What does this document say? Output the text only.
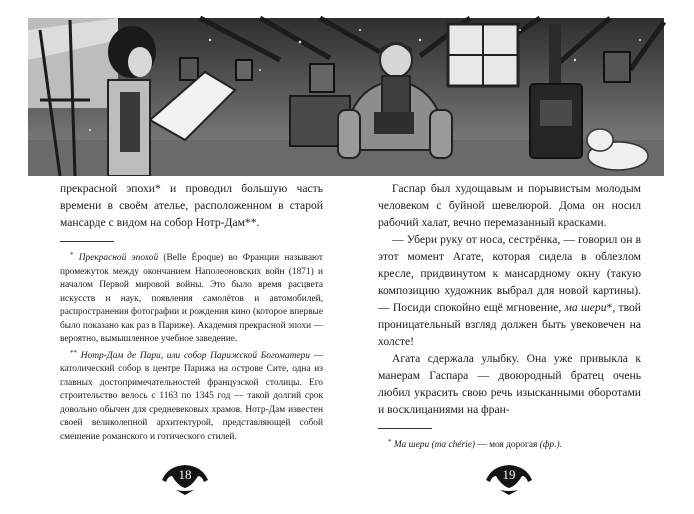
прекрасной эпохи* и проводил большую часть времени в своём ателье, расположенном в старой мансарде с видом на собор Нотр-Дам**.

* Прекрасной эпохой (Belle Époque) во Франции называют промежуток между окончанием Наполеоновских войн (1871) и началом Первой мировой войны. Это было время расцвета искусств и наук, появления самолётов и автомобилей, распространения фотографии и рождения кино (которое впервые было показано как раз в Париже). Академия прекрасной эпохи — вероятно, вымышленное учебное заведение.

** Нотр-Дам де Пари, или собор Парижской Богоматери — католический собор в центре Парижа на острове Сите, одна из главных достопримечательностей французской столицы. Его строительство велось с 1163 по 1345 год — такой долгий срок довольно обычен для средневековых храмов. Нотр-Дам известен своей великолепной архитектурой, представляющей собой смешение романского и готического стилей.

Гаспар был худощавым и порывистым молодым человеком с буйной шевелюрой. Дома он носил рабочий халат, вечно перемазанный красками.

— Убери руку от носа, сестрёнка, — говорил он в этот момент Агате, которая сидела в облезлом кресле, придвинутом к мансардному окну (такую композицию художник выбрал для новой картины). — Посиди спокойно ещё мгновение, ма шери*, твой проницательный взгляд должен быть увековечен на холсте!

Агата сдержала улыбку. Она уже привыкла к манерам Гаспара — двоюродный братец очень любил украсить свою речь изысканными оборотами и восклицаниями на фран-

* Ма шери (ma chérie) — моя дорогая (фр.).

18	19
